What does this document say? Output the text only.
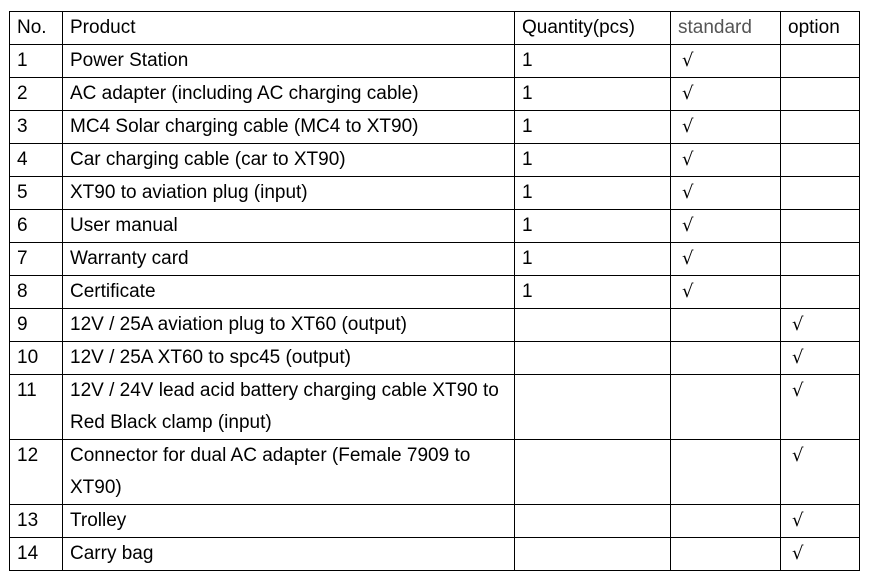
No.	Product	Quantity(pcs)	standard	option
1	Power Station	1	√	
2	AC adapter (including AC charging cable)	1	√	
3	MC4 Solar charging cable (MC4 to XT90)	1	√	
4	Car charging cable (car to XT90)	1	√	
5	XT90 to aviation plug (input)	1	√	
6	User manual	1	√	
7	Warranty card	1	√	
8	Certificate	1	√	
9	12V / 25A aviation plug to XT60 (output)			√
10	12V / 25A XT60 to spc45 (output)			√
11	12V / 24V lead acid battery charging cable XT90 to Red Black clamp (input)			√
12	Connector for dual AC adapter (Female 7909 to XT90)			√
13	Trolley			√
14	Carry bag			√
